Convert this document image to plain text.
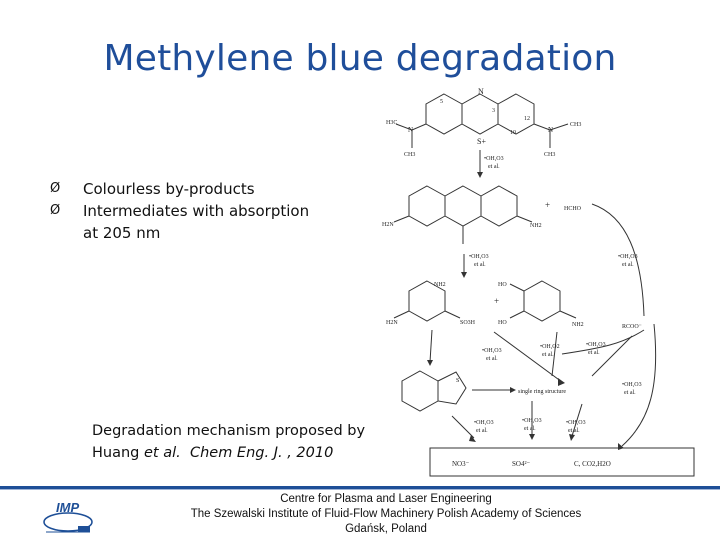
Methylene blue degradation
Ø	Colourless by-products
Ø	Intermediates with absorption at 205 nm
N
S+
H3C
CH3
CH3
CH3
N	N
5
3
12
10
•OH,O3
et al.
H2N	NH2
HCHO
+
•OH,O3
et al.
•OH,O3
et al.
NH2
H2N	SO3H
+
HO
HO	NH2	RCOO⁻
•OH,O3
et al.
•OH,O2
et al.
•OH,O3
et al.
S
single ring structure
•OH,O3
et al.
•OH,O3
et al.
•OH,O3
et al.
•OH,O3
et al.
NO3⁻	SO4²⁻	C, CO2,H2O
Degradation mechanism proposed by
Huang et al. Chem Eng. J. , 2010
IMP
Centre for Plasma and Laser Engineering
The Szewalski Institute of Fluid-Flow Machinery Polish Academy of Sciences
Gdańsk, Poland
